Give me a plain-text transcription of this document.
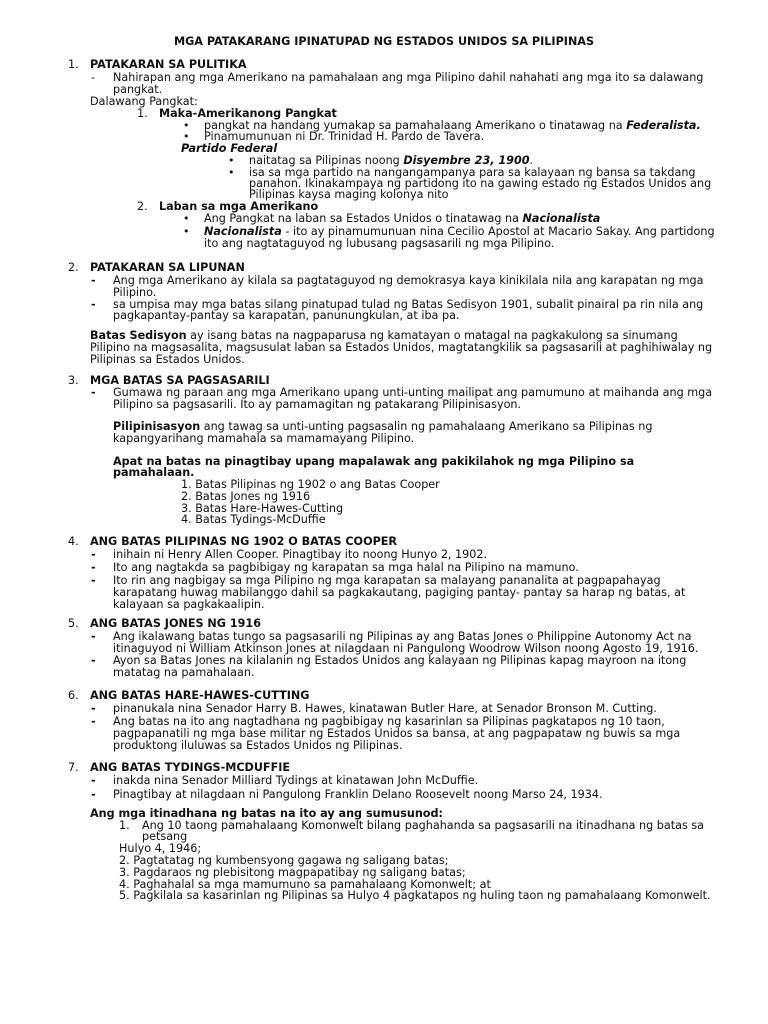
MGA PATAKARANG IPINATUPAD NG ESTADOS UNIDOS SA PILIPINAS
1. PATAKARAN SA PULITIKA
- Nahirapan ang mga Amerikano na pamahalaan ang mga Pilipino dahil nahahati ang mga ito sa dalawang
pangkat.
Dalawang Pangkat:
1. Maka-Amerikanong Pangkat
• pangkat na handang yumakap sa pamahalaang Amerikano o tinatawag na Federalista.
• Pinamumunuan ni Dr. Trinidad H. Pardo de Tavera.
Partido Federal
• naitatag sa Pilipinas noong Disyembre 23, 1900.
• isa sa mga partido na nangangampanya para sa kalayaan ng bansa sa takdang
panahon. Ikinakampaya ng partidong ito na gawing estado ng Estados Unidos ang
Pilipinas kaysa maging kolonya nito
2. Laban sa mga Amerikano
• Ang Pangkat na laban sa Estados Unidos o tinatawag na Nacionalista
• Nacionalista - ito ay pinamumunuan nina Cecilio Apostol at Macario Sakay. Ang partidong
ito ang nagtataguyod ng lubusang pagsasarili ng mga Pilipino.
2. PATAKARAN SA LIPUNAN
- Ang mga Amerikano ay kilala sa pagtataguyod ng demokrasya kaya kinikilala nila ang karapatan ng mga
Pilipino.
- sa umpisa may mga batas silang pinatupad tulad ng Batas Sedisyon 1901, subalit pinairal pa rin nila ang
pagkapantay-pantay sa karapatan, panunungkulan, at iba pa.
Batas Sedisyon ay isang batas na nagpaparusa ng kamatayan o matagal na pagkakulong sa sinumang
Pilipino na magsasalita, magsusulat laban sa Estados Unidos, magtatangkilik sa pagsasarili at paghihiwalay ng
Pilipinas sa Estados Unidos.
3. MGA BATAS SA PAGSASARILI
- Gumawa ng paraan ang mga Amerikano upang unti-unting mailipat ang pamumuno at maihanda ang mga
Pilipino sa pagsasarili. Ito ay pamamagitan ng patakarang Pilipinisasyon.
Pilipinisasyon ang tawag sa unti-unting pagsasalin ng pamahalaang Amerikano sa Pilipinas ng
kapangyarihang mamahala sa mamamayang Pilipino.
Apat na batas na pinagtibay upang mapalawak ang pakikilahok ng mga Pilipino sa
pamahalaan.
1. Batas Pilipinas ng 1902 o ang Batas Cooper
2. Batas Jones ng 1916
3. Batas Hare-Hawes-Cutting
4. Batas Tydings-McDuffie
4. ANG BATAS PILIPINAS NG 1902 O BATAS COOPER
- inihain ni Henry Allen Cooper. Pinagtibay ito noong Hunyo 2, 1902.
- Ito ang nagtakda sa pagbibigay ng karapatan sa mga halal na Pilipino na mamuno.
- Ito rin ang nagbigay sa mga Pilipino ng mga karapatan sa malayang pananalita at pagpapahayag
karapatang huwag mabilanggo dahil sa pagkakautang, pagiging pantay- pantay sa harap ng batas, at
kalayaan sa pagkakaalipin.
5. ANG BATAS JONES NG 1916
- Ang ikalawang batas tungo sa pagsasarili ng Pilipinas ay ang Batas Jones o Philippine Autonomy Act na
itinaguyod ni William Atkinson Jones at nilagdaan ni Pangulong Woodrow Wilson noong Agosto 19, 1916.
- Ayon sa Batas Jones na kilalanin ng Estados Unidos ang kalayaan ng Pilipinas kapag mayroon na itong
matatag na pamahalaan.
6. ANG BATAS HARE-HAWES-CUTTING
- pinanukala nina Senador Harry B. Hawes, kinatawan Butler Hare, at Senador Bronson M. Cutting.
- Ang batas na ito ang nagtadhana ng pagbibigay ng kasarinlan sa Pilipinas pagkatapos ng 10 taon,
pagpapanatili ng mga base militar ng Estados Unidos sa bansa, at ang pagpapataw ng buwis sa mga
produktong iluluwas sa Estados Unidos ng Pilipinas.
7. ANG BATAS TYDINGS-MCDUFFIE
- inakda nina Senador Milliard Tydings at kinatawan John McDuffie.
- Pinagtibay at nilagdaan ni Pangulong Franklin Delano Roosevelt noong Marso 24, 1934.
Ang mga itinadhana ng batas na ito ay ang sumusunod:
1. Ang 10 taong pamahalaang Komonwelt bilang paghahanda sa pagsasarili na itinadhana ng batas sa
petsang
Hulyo 4, 1946;
2. Pagtatatag ng kumbensyong gagawa ng saligang batas;
3. Pagdaraos ng plebisitong magpapatibay ng saligang batas;
4. Paghahalal sa mga mamumuno sa pamahalaang Komonwelt; at
5. Pagkilala sa kasarinlan ng Pilipinas sa Hulyo 4 pagkatapos ng huling taon ng pamahalaang Komonwelt.
